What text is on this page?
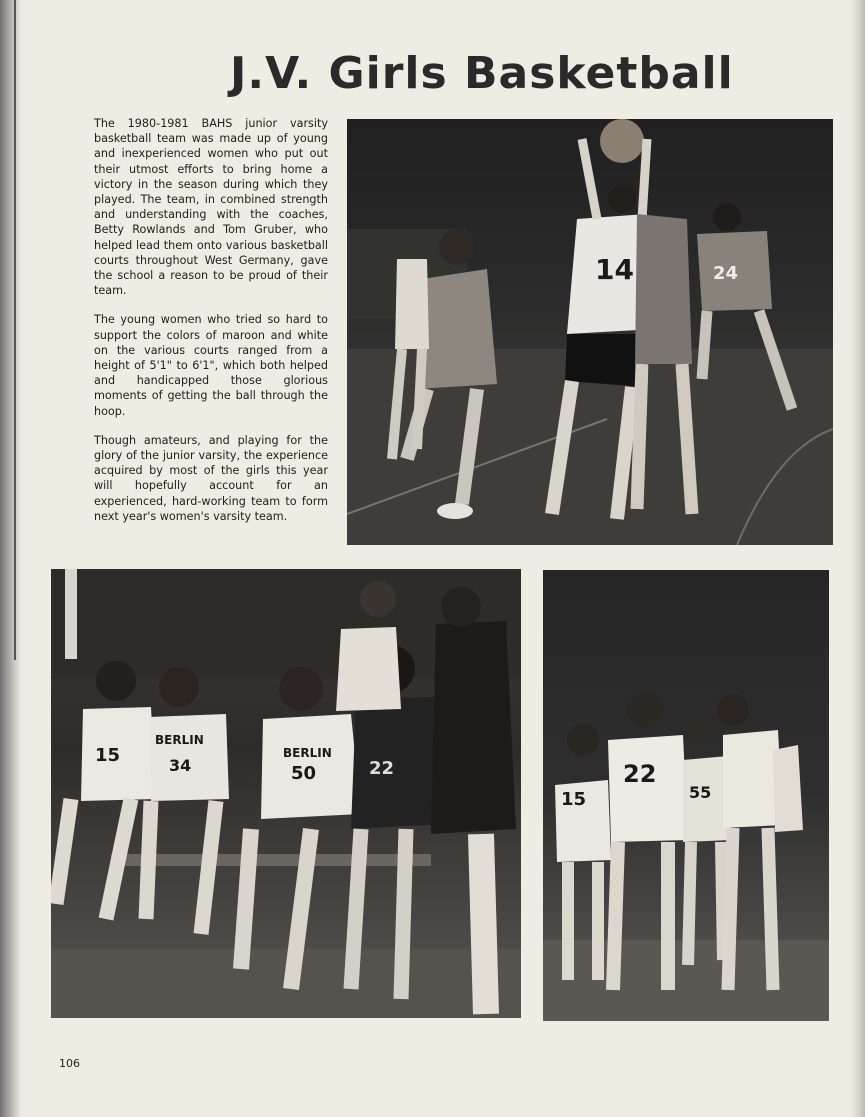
J.V. Girls Basketball

The 1980-1981 BAHS junior varsity basketball team was made up of young and inexperienced women who put out their utmost efforts to bring home a victory in the season during which they played. The team, in combined strength and understanding with the coaches, Betty Rowlands and Tom Gruber, who helped lead them onto various basketball courts throughout West Germany, gave the school a reason to be proud of their team.

The young women who tried so hard to support the colors of maroon and white on the various courts ranged from a height of 5'1" to 6'1", which both helped and handicapped those glorious moments of getting the ball through the hoop.

Though amateurs, and playing for the glory of the junior varsity, the experience acquired by most of the girls this year will hopefully account for an experienced, hard-working team to form next year's women's varsity team.

14	24
15
BERLIN
34
BERLIN
50	22
15
22
55
106
